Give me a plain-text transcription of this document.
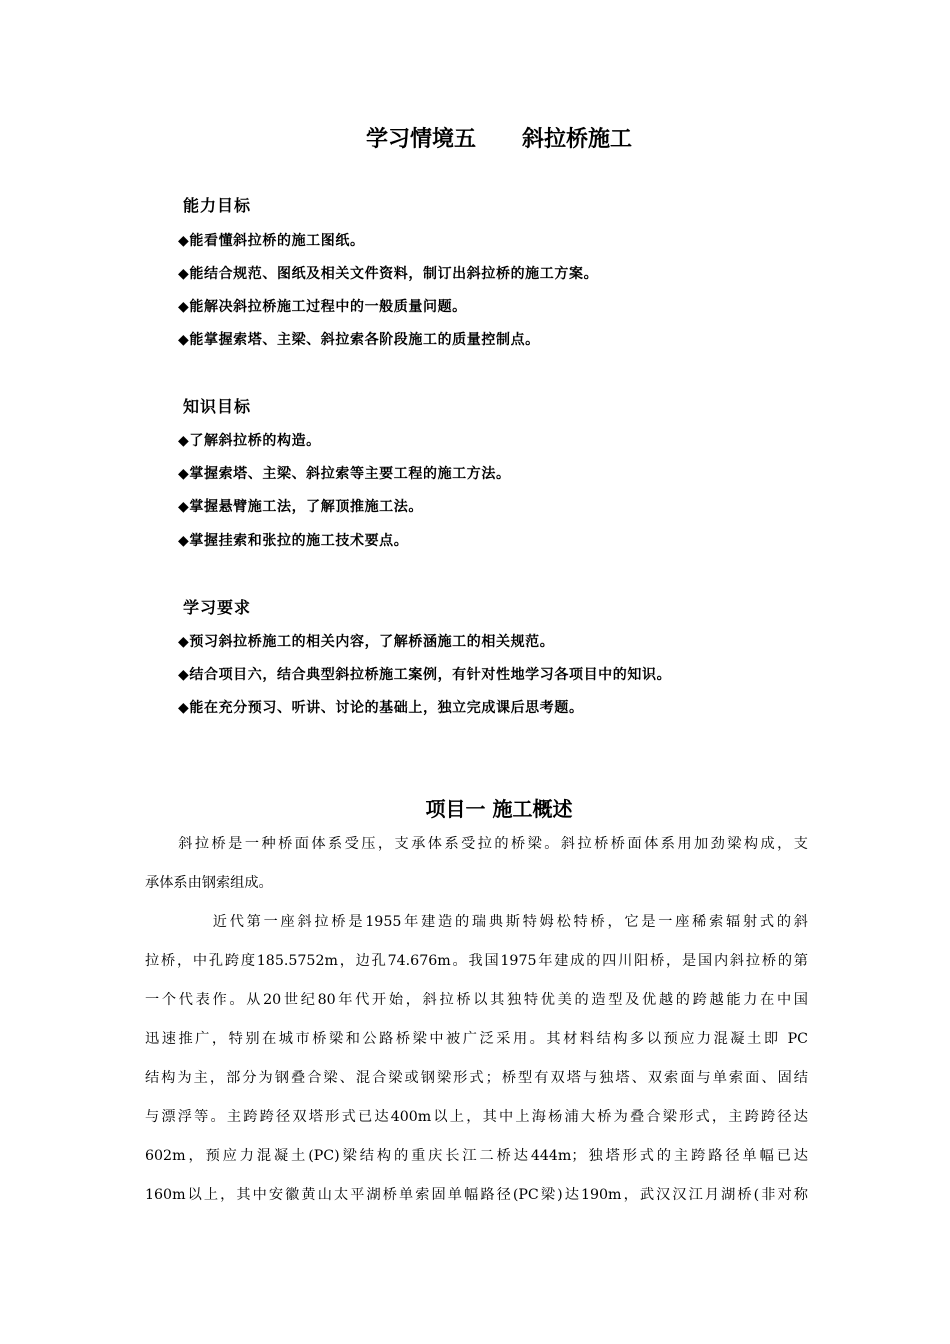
学习情境五      斜拉桥施工
能力目标
◆能看懂斜拉桥的施工图纸。
◆能结合规范、图纸及相关文件资料，制订出斜拉桥的施工方案。
◆能解决斜拉桥施工过程中的一般质量问题。
◆能掌握索塔、主梁、斜拉索各阶段施工的质量控制点。
知识目标
◆了解斜拉桥的构造。
◆掌握索塔、主梁、斜拉索等主要工程的施工方法。
◆掌握悬臂施工法，了解顶推施工法。
◆掌握挂索和张拉的施工技术要点。
学习要求
◆预习斜拉桥施工的相关内容，了解桥涵施工的相关规范。
◆结合项目六，结合典型斜拉桥施工案例，有针对性地学习各项目中的知识。
◆能在充分预习、听讲、讨论的基础上，独立完成课后思考题。
项目一 施工概述
　　斜拉桥是一种桥面体系受压，支承体系受拉的桥梁。斜拉桥桥面体系用加劲梁构成，支
承体系由钢索组成。
　　　　近代第一座斜拉桥是1955年建造的瑞典斯特姆松特桥，它是一座稀索辐射式的斜
拉桥，中孔跨度185.5752m，边孔74.676m。我国1975年建成的四川阳桥，是国内斜拉桥的第
一个代表作。从20世纪80年代开始，斜拉桥以其独特优美的造型及优越的跨越能力在中国
迅速推广，特别在城市桥梁和公路桥梁中被广泛采用。其材料结构多以预应力混凝土即 PC
结构为主，部分为钢叠合梁、混合梁或钢梁形式；桥型有双塔与独塔、双索面与单索面、固结
与漂浮等。主跨跨径双塔形式已达400m以上，其中上海杨浦大桥为叠合梁形式，主跨跨径达
602m，预应力混凝土(PC)梁结构的重庆长江二桥达444m；独塔形式的主跨路径单幅已达
160m以上，其中安徽黄山太平湖桥单索固单幅路径(PC梁)达190m，武汉汉江月湖桥(非对称
